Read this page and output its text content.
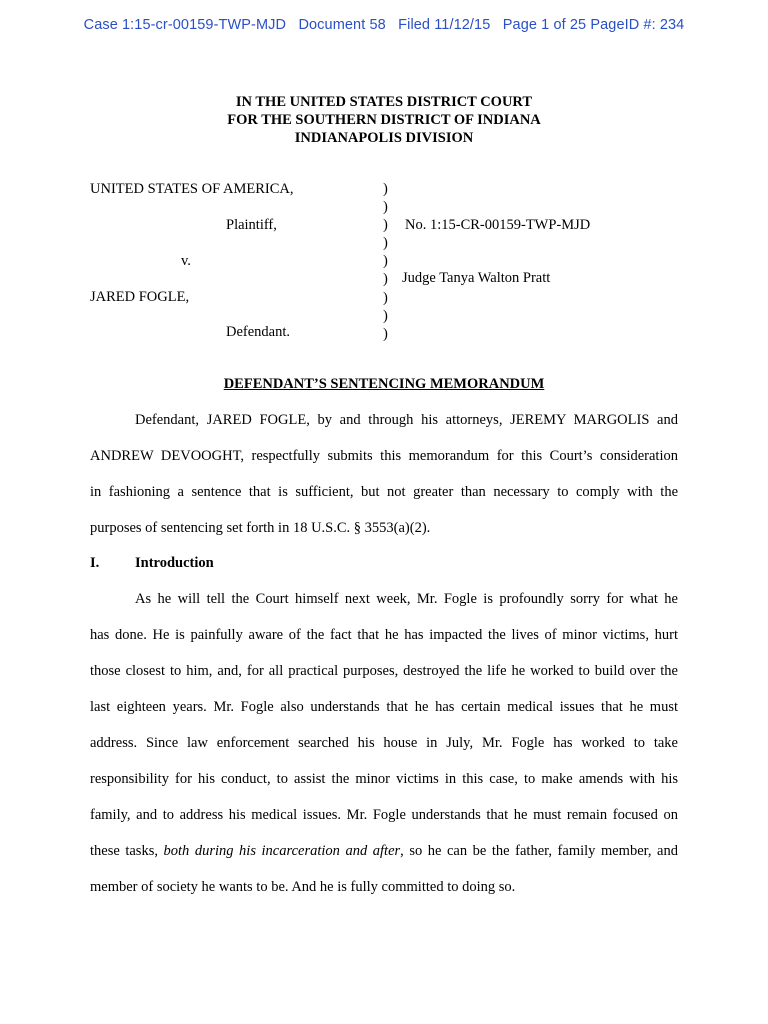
Case 1:15-cr-00159-TWP-MJD   Document 58   Filed 11/12/15   Page 1 of 25 PageID #: 234
IN THE UNITED STATES DISTRICT COURT
FOR THE SOUTHERN DISTRICT OF INDIANA
INDIANAPOLIS DIVISION
UNITED STATES OF AMERICA,
Plaintiff,
v.
JARED FOGLE,
Defendant.
)
)
)
)
)
)
)
)
)
No. 1:15-CR-00159-TWP-MJD
Judge Tanya Walton Pratt
DEFENDANT’S SENTENCING MEMORANDUM
Defendant, JARED FOGLE, by and through his attorneys, JEREMY MARGOLIS and
ANDREW DEVOOGHT, respectfully submits this memorandum for this Court’s consideration
in fashioning a sentence that is sufficient, but not greater than necessary to comply with the
purposes of sentencing set forth in 18 U.S.C. § 3553(a)(2).
I. Introduction
As he will tell the Court himself next week, Mr. Fogle is profoundly sorry for what he
has done. He is painfully aware of the fact that he has impacted the lives of minor victims, hurt
those closest to him, and, for all practical purposes, destroyed the life he worked to build over the
last eighteen years. Mr. Fogle also understands that he has certain medical issues that he must
address. Since law enforcement searched his house in July, Mr. Fogle has worked to take
responsibility for his conduct, to assist the minor victims in this case, to make amends with his
family, and to address his medical issues. Mr. Fogle understands that he must remain focused on
these tasks, both during his incarceration and after, so he can be the father, family member, and
member of society he wants to be. And he is fully committed to doing so.
